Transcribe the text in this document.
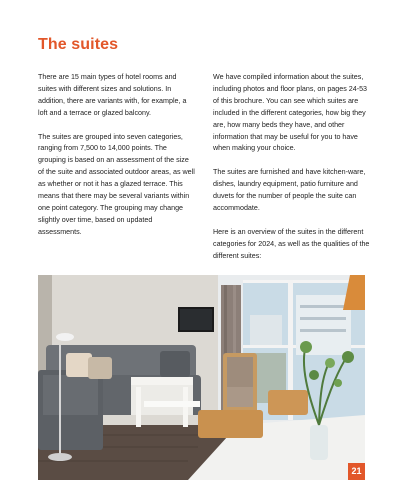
The suites

There are 15 main types of hotel rooms and suites with different sizes and solutions. In addition, there are variants with, for example, a loft and a terrace or glazed balcony.

The suites are grouped into seven categories, ranging from 7,500 to 14,000 points. The grouping is based on an assessment of the size of the suite and associated outdoor areas, as well as whether or not it has a glazed terrace. This means that there may be several variants within one point category. The grouping may change slightly over time, based on updated assessments.

We have compiled information about the suites, including photos and floor plans, on pages 24-53 of this brochure. You can see which suites are included in the different categories, how big they are, how many beds they have, and other information that may be useful for you to have when making your choice.

The suites are furnished and have kitchen-ware, dishes, laundry equipment, patio furniture and duvets for the number of people the suite can accommodate.

Here is an overview of the suites in the different categories for 2024, as well as the qualities of the different suites:

21
